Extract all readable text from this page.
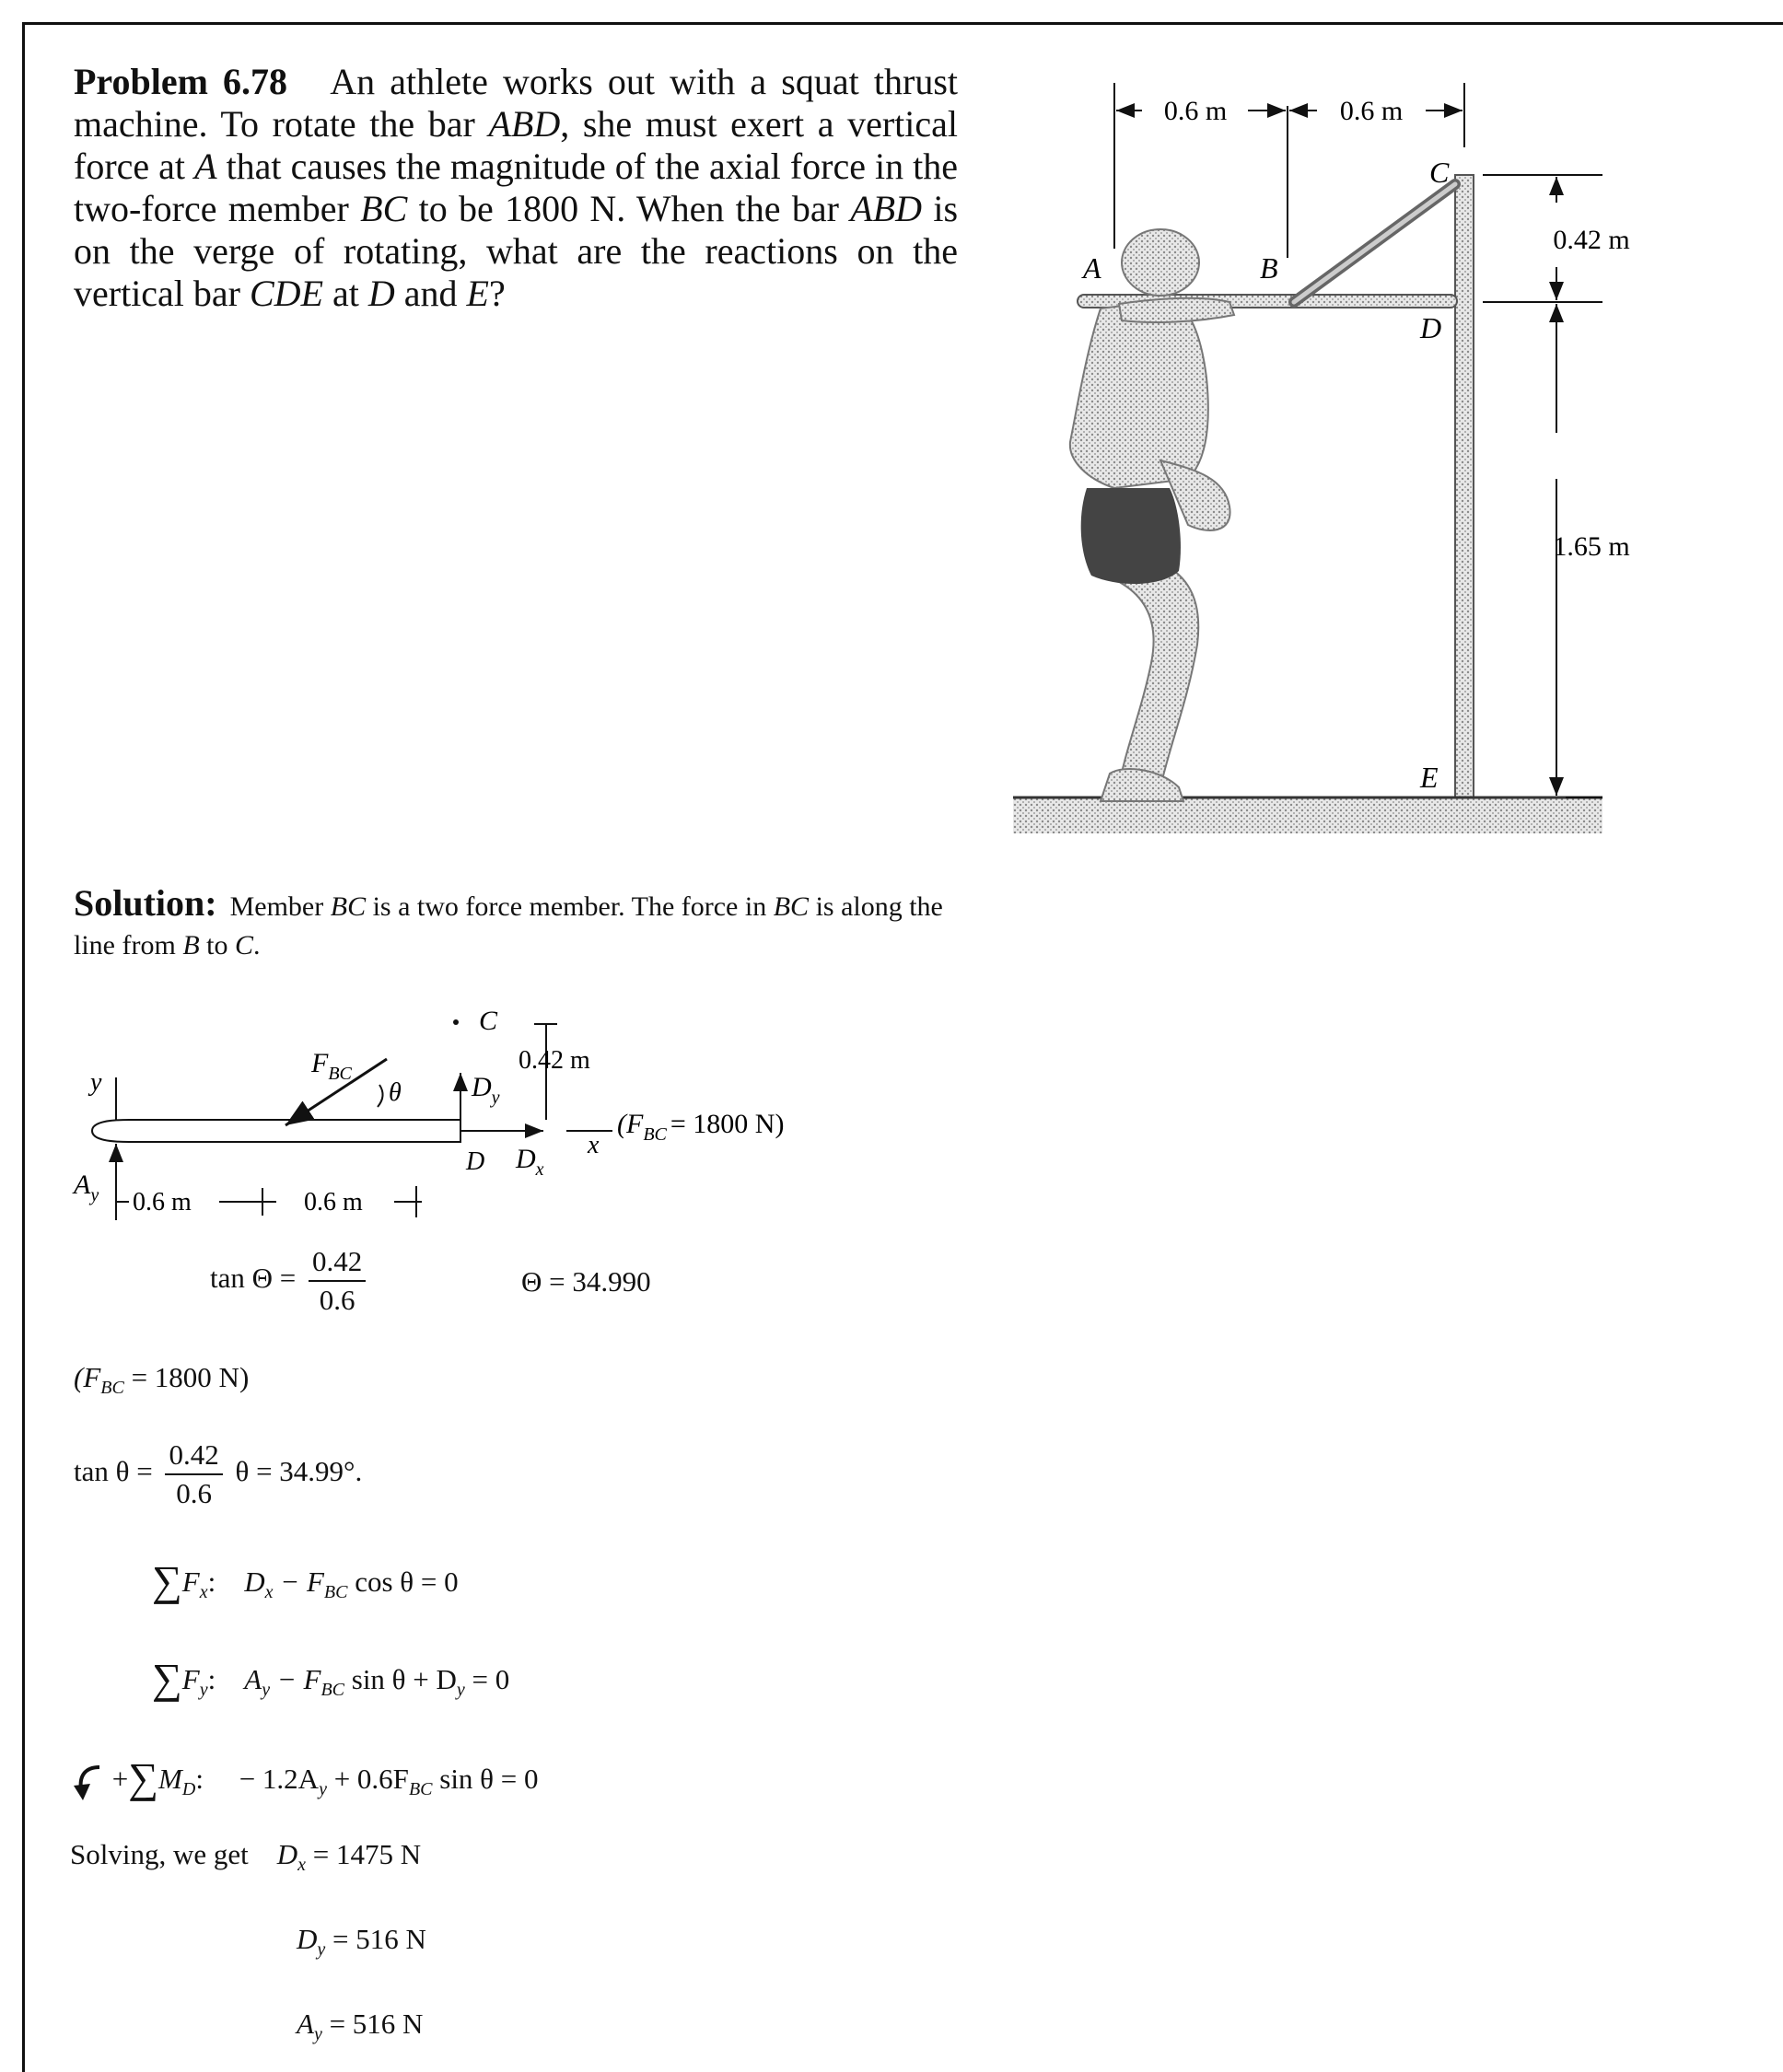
Problem 6.78 An athlete works out with a squat thrust machine. To rotate the bar ABD, she must exert a vertical force at A that causes the magnitude of the axial force in the two-force member BC to be 1800 N. When the bar ABD is on the verge of rotating, what are the reactions on the vertical bar CDE at D and E?
0.6 m	0.6 m
0.42 m
1.65 m
A	B
C
D
E
Solution: Member BC is a two force member. The force in BC is along the line from B to C.
y
$A_y$
$F_{BC}$
θ
C
$D_y$
$D_x$
D
0.42 m
x
($F_{BC} = 1800$ N)
0.6 m	0.6 m
$\tan \Theta = \frac{0.42}{0.6}$	Θ = 34.990
($F_{BC} = 1800$ N)
$\tan \theta = \frac{0.42}{0.6}$ θ = 34.99°.
$\sum F_x$:    $D_x - F_{BC}$ cos θ = 0
$\sum F_y$:    $A_y - F_{BC}$ $\sin \theta + D_y = 0$
$+\sum M_D$:     − $1.2A_y + 0.6F_{BC}$ sin θ = 0
Solving, we get $D_x = 1475$ N
$D_y = 516$ N
$A_y = 516$ N
